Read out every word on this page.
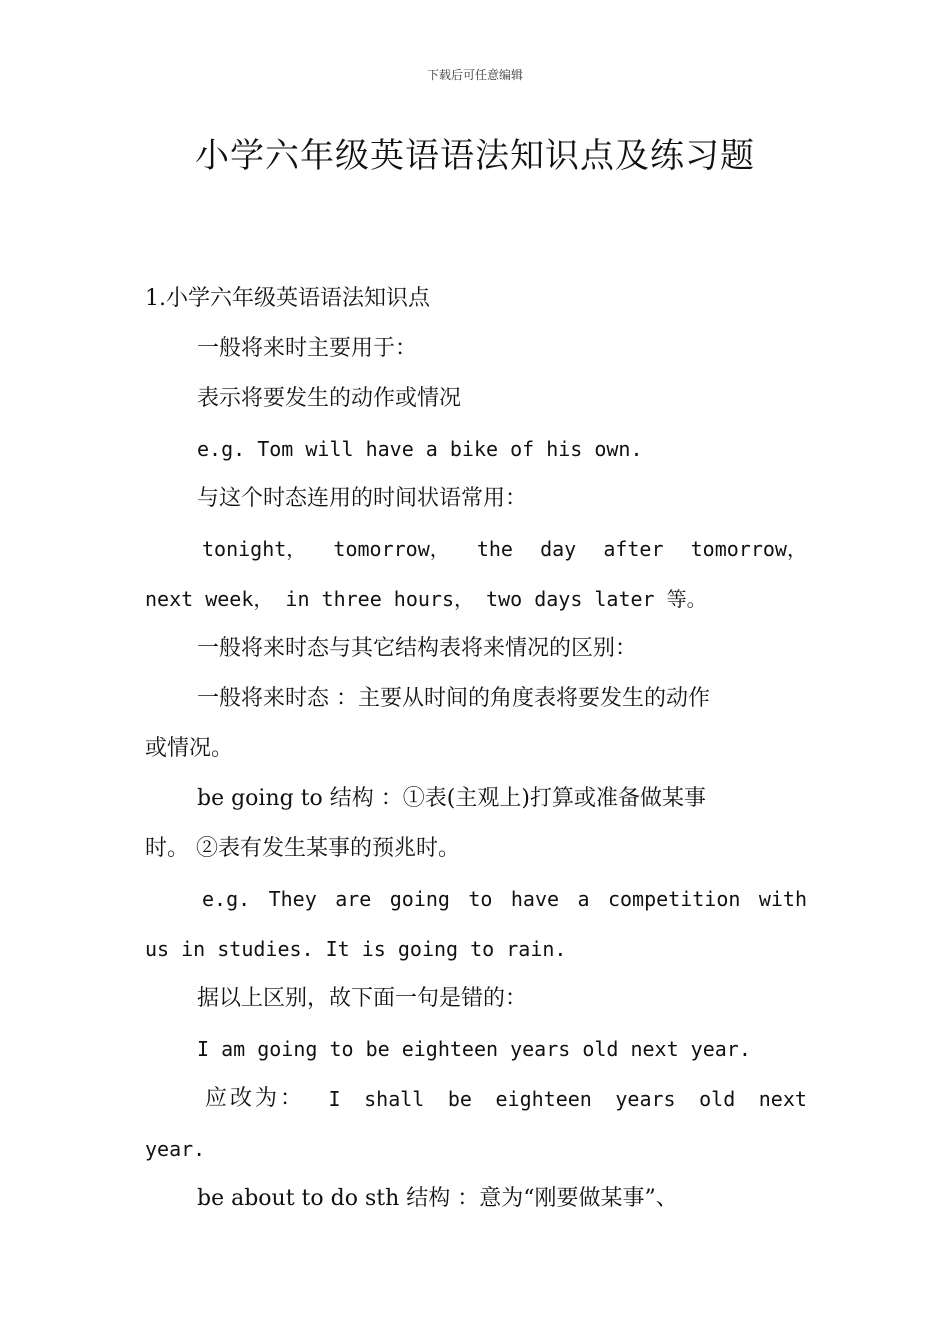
下载后可任意编辑
小学六年级英语语法知识点及练习题
1.小学六年级英语语法知识点
一般将来时主要用于：
表示将要发生的动作或情况
e.g. Tom will have a bike of his own.
与这个时态连用的时间状语常用：
tonight， tomorrow， the day after tomorrow，
next week， in three hours， two days later 等。
一般将来时态与其它结构表将来情况的区别：
一般将来时态 ：主要从时间的角度表将要发生的动作
或情况。
be going to 结构 ：①表(主观上)打算或准备做某事
时。 ②表有发生某事的预兆时。
e.g. They are going to have a competition with
us in studies. It is going to rain.
据以上区别，故下面一句是错的：
I am going to be eighteen years old next year.
应改为： I shall be eighteen years old next
year.
be about to do sth 结构 ：意为“刚要做某事”、
